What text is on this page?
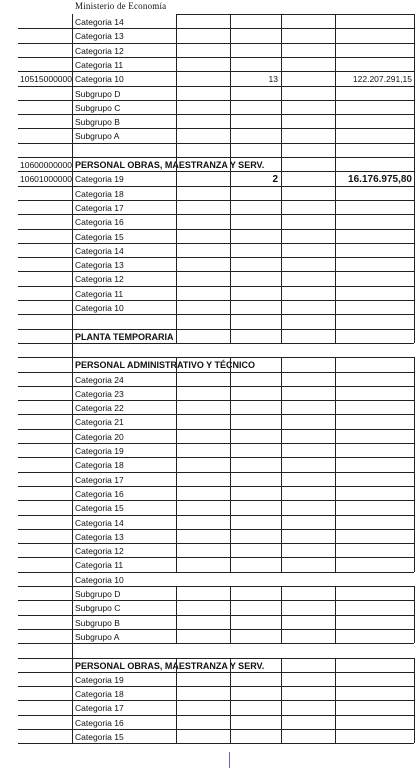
Ministerio de Economía
Categoria 14
Categoria 13
Categoria 12
Categoria 11
10515000000 Categoria 10	13	122.207.291,15
Subgrupo D
Subgrupo C
Subgrupo B
Subgrupo A
10600000000 PERSONAL OBRAS, MAESTRANZA Y SERV.
10601000000 Categoria 19	2	16.176.975,80
Categoria 18
Categoria 17
Categoria 16
Categoria 15
Categoria 14
Categoria 13
Categoria 12
Categoria 11
Categoria 10
PLANTA TEMPORARIA
PERSONAL ADMINISTRATIVO Y TÉCNICO
Categoria 24
Categoria 23
Categoria 22
Categoria 21
Categoria 20
Categoria 19
Categoria 18
Categoria 17
Categoria 16
Categoria 15
Categoria 14
Categoria 13
Categoria 12
Categoria 11
Categoria 10
Subgrupo D
Subgrupo C
Subgrupo B
Subgrupo A
PERSONAL OBRAS, MAESTRANZA Y SERV.
Categoria 19
Categoria 18
Categoria 17
Categoria 16
Categoria 15
